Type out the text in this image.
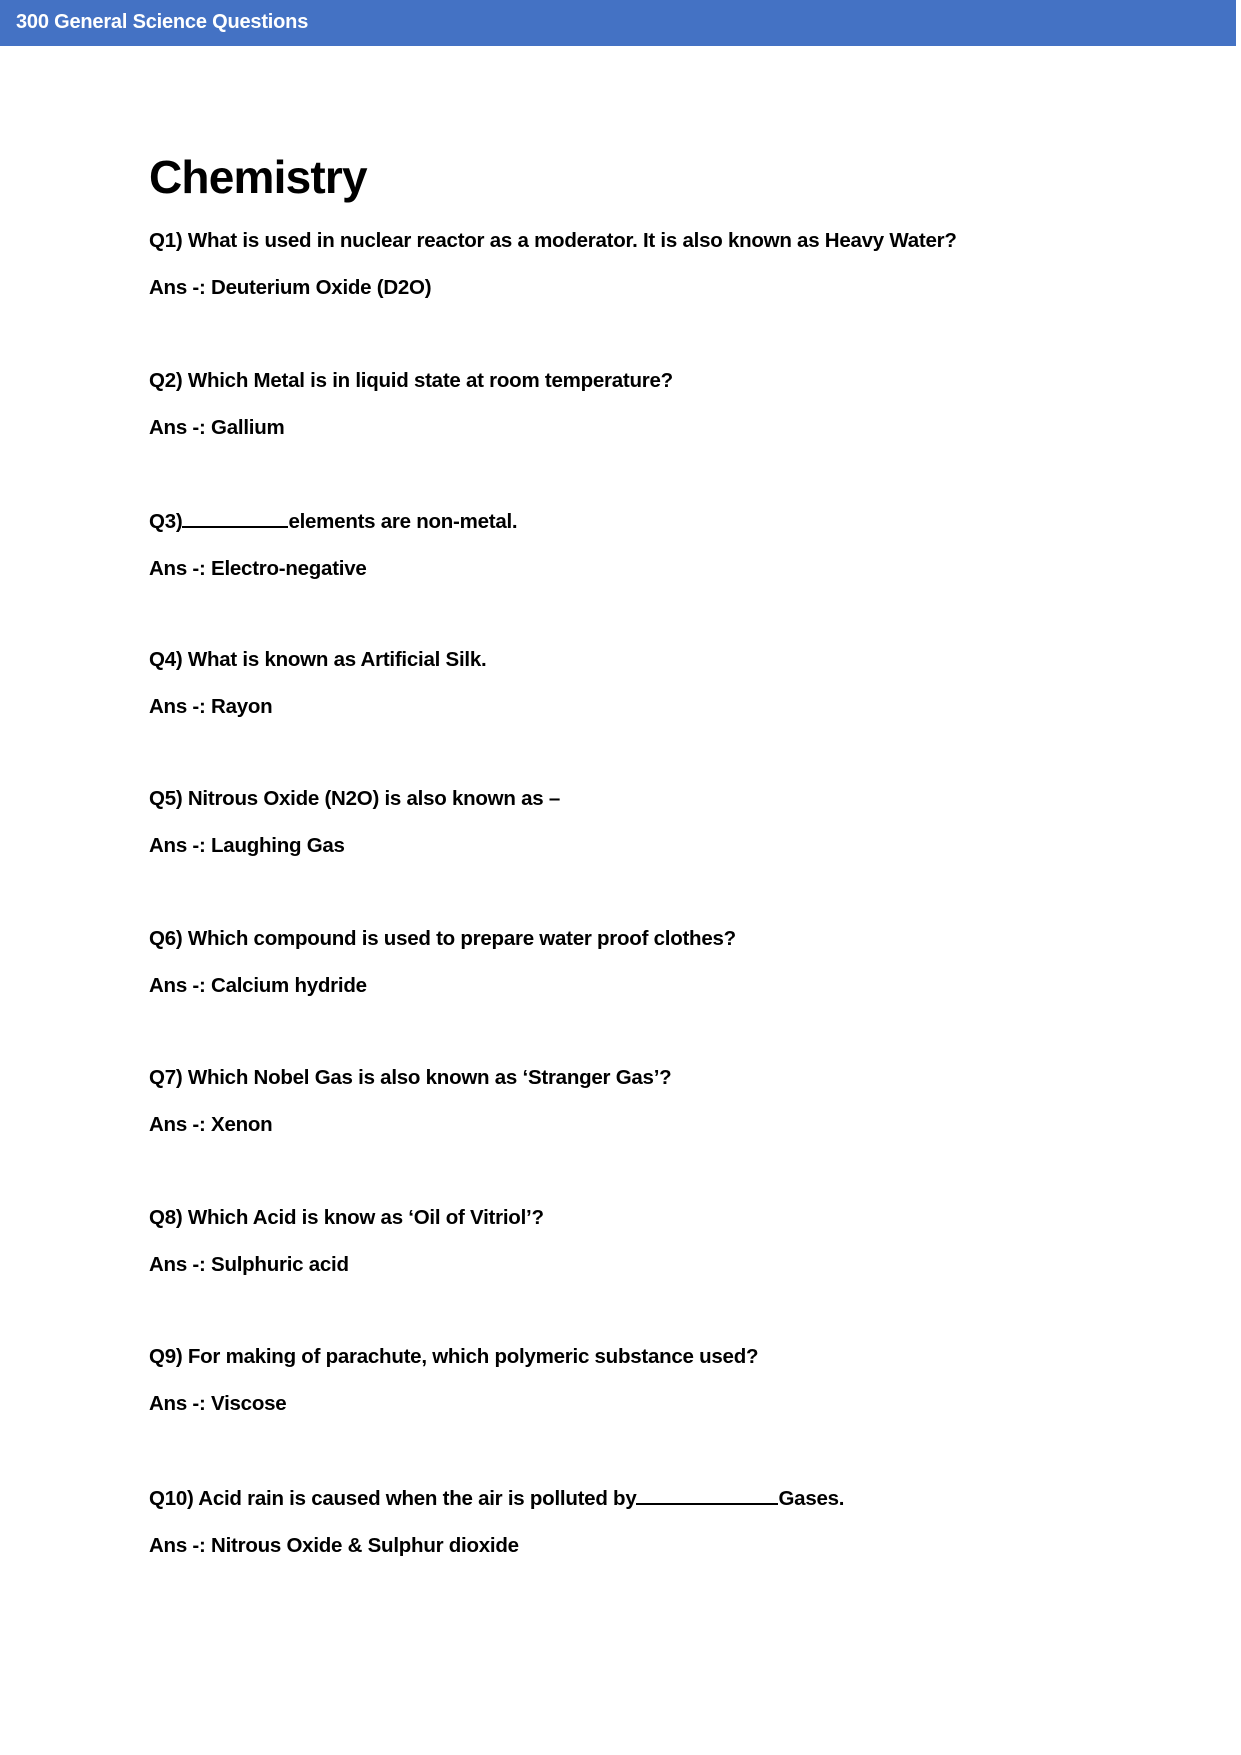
300 General Science Questions
Chemistry
Q1) What is used in nuclear reactor as a moderator. It is also known as Heavy Water?
Ans -: Deuterium Oxide (D2O)
Q2) Which Metal is in liquid state at room temperature?
Ans -: Gallium
Q3)	elements are non-metal.
Ans -: Electro-negative
Q4) What is known as Artificial Silk.
Ans -: Rayon
Q5) Nitrous Oxide (N2O) is also known as –
Ans -: Laughing Gas
Q6) Which compound is used to prepare water proof clothes?
Ans -: Calcium hydride
Q7) Which Nobel Gas is also known as ‘Stranger Gas’?
Ans -: Xenon
Q8) Which Acid is know as ‘Oil of Vitriol’?
Ans -: Sulphuric acid
Q9) For making of parachute, which polymeric substance used?
Ans -: Viscose
Q10) Acid rain is caused when the air is polluted by	Gases.
Ans -: Nitrous Oxide & Sulphur dioxide
